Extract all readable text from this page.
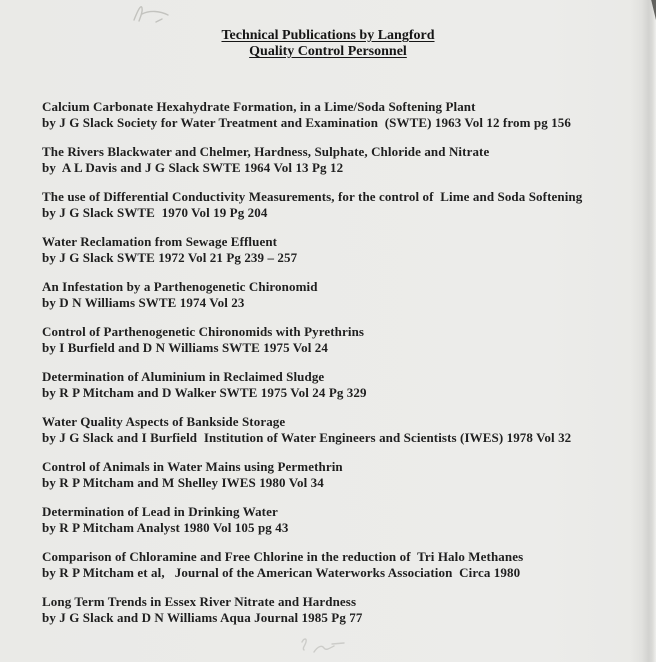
Technical Publications by Langford
Quality Control Personnel
Calcium Carbonate Hexahydrate Formation, in a Lime/Soda Softening Plant
by J G Slack Society for Water Treatment and Examination  (SWTE) 1963 Vol 12 from pg 156
The Rivers Blackwater and Chelmer, Hardness, Sulphate, Chloride and Nitrate
by  A L Davis and J G Slack SWTE 1964 Vol 13 Pg 12
The use of Differential Conductivity Measurements, for the control of  Lime and Soda Softening
by J G Slack SWTE  1970 Vol 19 Pg 204
Water Reclamation from Sewage Effluent
by J G Slack SWTE 1972 Vol 21 Pg 239 – 257
An Infestation by a Parthenogenetic Chironomid
by D N Williams SWTE 1974 Vol 23
Control of Parthenogenetic Chironomids with Pyrethrins
by I Burfield and D N Williams SWTE 1975 Vol 24
Determination of Aluminium in Reclaimed Sludge
by R P Mitcham and D Walker SWTE 1975 Vol 24 Pg 329
Water Quality Aspects of Bankside Storage
by J G Slack and I Burfield  Institution of Water Engineers and Scientists (IWES) 1978 Vol 32
Control of Animals in Water Mains using Permethrin
by R P Mitcham and M Shelley IWES 1980 Vol 34
Determination of Lead in Drinking Water
by R P Mitcham Analyst 1980 Vol 105 pg 43
Comparison of Chloramine and Free Chlorine in the reduction of  Tri Halo Methanes
by R P Mitcham et al,   Journal of the American Waterworks Association  Circa 1980
Long Term Trends in Essex River Nitrate and Hardness
by J G Slack and D N Williams Aqua Journal 1985 Pg 77
